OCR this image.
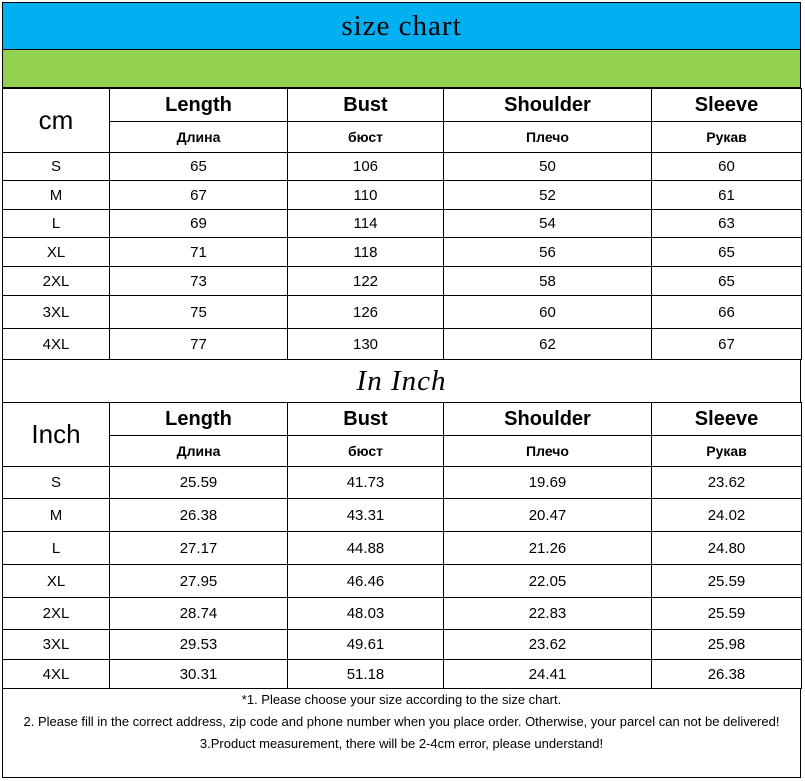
size chart
cm	Length	Bust	Shoulder	Sleeve
	Длина	бюст	Плечо	Рукав
S	65	106	50	60
M	67	110	52	61
L	69	114	54	63
XL	71	118	56	65
2XL	73	122	58	65
3XL	75	126	60	66
4XL	77	130	62	67
In Inch
Inch	Length	Bust	Shoulder	Sleeve
	Длина	бюст	Плечо	Рукав
S	25.59	41.73	19.69	23.62
M	26.38	43.31	20.47	24.02
L	27.17	44.88	21.26	24.80
XL	27.95	46.46	22.05	25.59
2XL	28.74	48.03	22.83	25.59
3XL	29.53	49.61	23.62	25.98
4XL	30.31	51.18	24.41	26.38
*1. Please choose your size according to the size chart.
2. Please fill in the correct address, zip code and phone number when you place order. Otherwise, your parcel can not be delivered!
3.Product measurement, there will be 2-4cm error, please understand!
